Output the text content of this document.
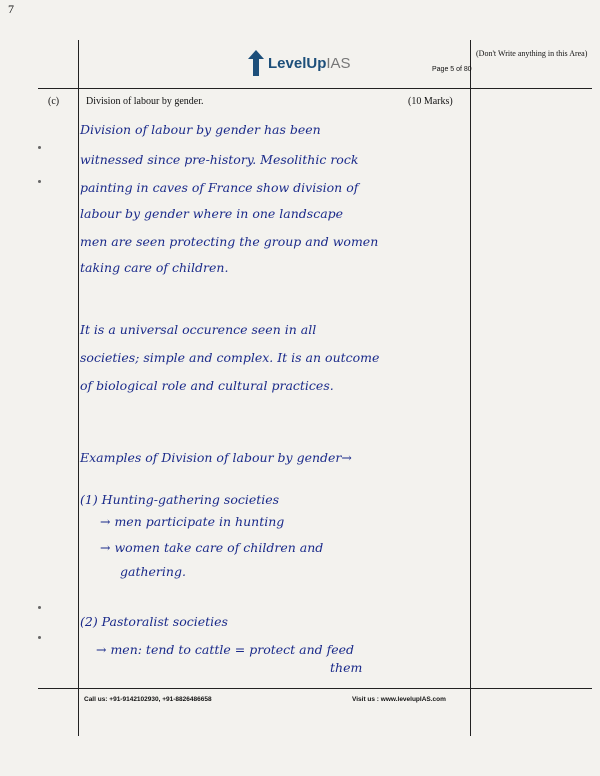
7
LevelUpIAS	Page 5 of 80
(Don't Write anything in this Area)
(c)	Division of labour by gender.	(10 Marks)
Division of labour by gender has been
witnessed since pre-history. Mesolithic rock
painting in caves of France show division of
labour by gender where in one landscape
men are seen protecting the group and women
taking care of children.
It is a universal occurence seen in all
societies; simple and complex. It is an outcome
of biological role and cultural practices.
Examples of Division of labour by gender→
(1) Hunting-gathering societies
→ men participate in hunting
→ women take care of children and
gathering.
(2) Pastoralist societies
→ men: tend to cattle = protect and feed
them
Call us: +91-9142102930, +91-8826486658	Visit us : www.levelupIAS.com
